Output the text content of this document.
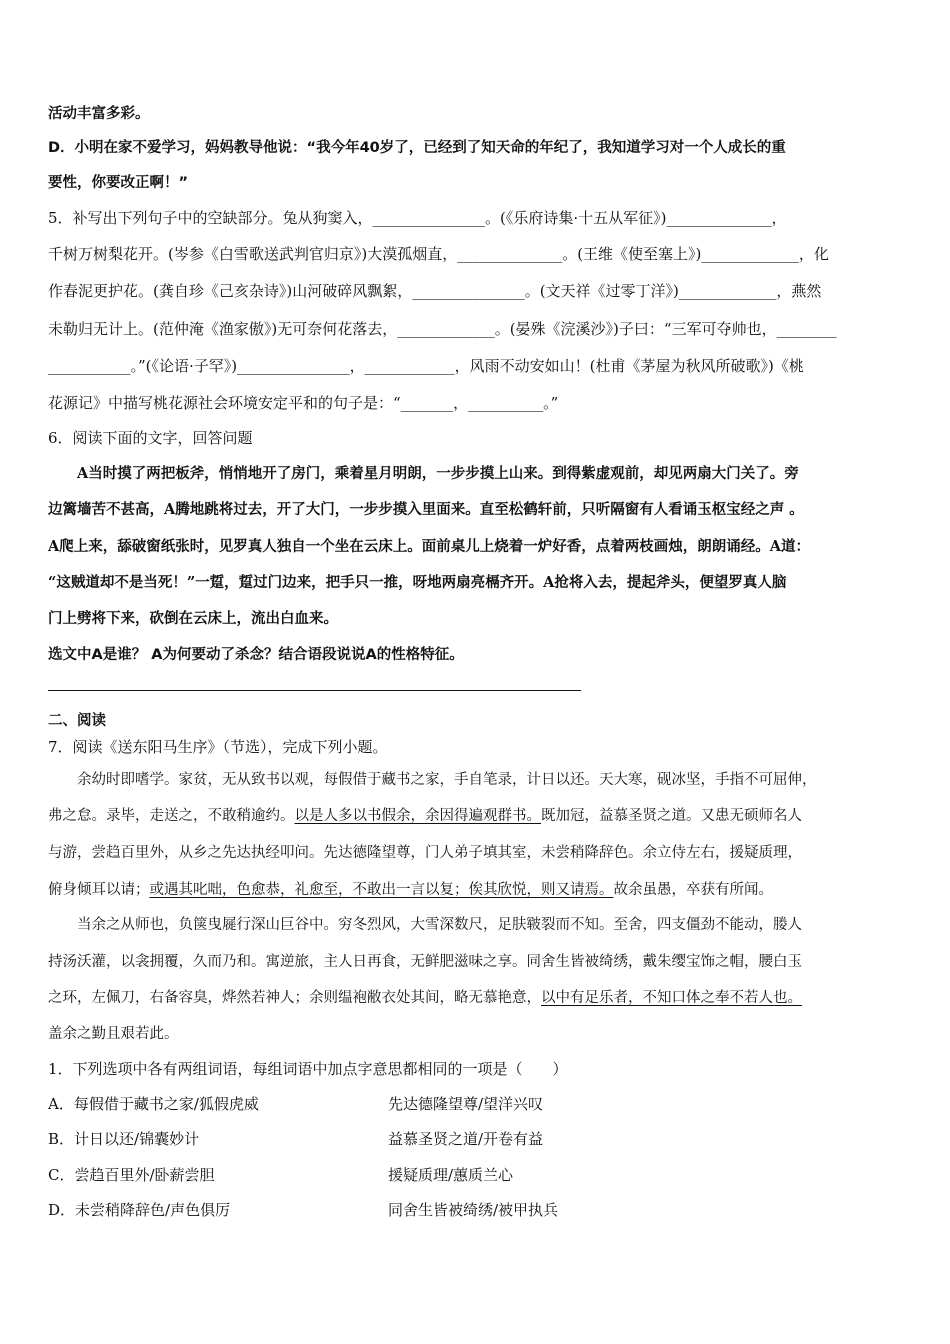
活动丰富多彩。
D．小明在家不爱学习，妈妈教导他说：“我今年40岁了，已经到了知天命的年纪了，我知道学习对一个人成长的重
要性，你要改正啊！”
5．补写出下列句子中的空缺部分。兔从狗窦入，_______________。(《乐府诗集·十五从军征》)______________，
千树万树梨花开。(岑参《白雪歌送武判官归京》)大漠孤烟直，______________。(王维《使至塞上》)_____________，化
作春泥更护花。(龚自珍《己亥杂诗》)山河破碎风飘絮，_______________。(文天祥《过零丁洋》)_____________，燕然
未勒归无计上。(范仲淹《渔家傲》)无可奈何花落去，_____________。(晏殊《浣溪沙》)子曰：“三军可夺帅也，________
___________。”(《论语·子罕》)_______________，____________，风雨不动安如山！(杜甫《茅屋为秋风所破歌》)《桃
花源记》中描写桃花源社会环境安定平和的句子是：“_______，__________。”
6．阅读下面的文字，回答问题
　　A当时摸了两把板斧，悄悄地开了房门，乘着星月明朗，一步步摸上山来。到得紫虚观前，却见两扇大门关了。旁
边篱墙苦不甚高，A腾地跳将过去，开了大门，一步步摸入里面来。直至松鹤轩前，只听隔窗有人看诵玉枢宝经之声 。
A爬上来，舔破窗纸张时，见罗真人独自一个坐在云床上。面前桌儿上烧着一炉好香，点着两枝画烛，朗朗诵经。A道：
“这贼道却不是当死！”一踅，踅过门边来，把手只一推，呀地两扇亮槅齐开。A抢将入去，提起斧头，便望罗真人脑
门上劈将下来，砍倒在云床上，流出白血来。
选文中A是谁？ A为何要动了杀念？结合语段说说A的性格特征。
二、阅读
7．阅读《送东阳马生序》（节选），完成下列小题。
　　余幼时即嗜学。家贫，无从致书以观，每假借于藏书之家，手自笔录，计日以还。天大寒，砚冰坚，手指不可屈伸，
弗之怠。录毕，走送之，不敢稍逾约。以是人多以书假余，余因得遍观群书。既加冠，益慕圣贤之道。又患无硕师名人
与游，尝趋百里外，从乡之先达执经叩问。先达德隆望尊，门人弟子填其室，未尝稍降辞色。余立侍左右，援疑质理，
俯身倾耳以请；或遇其叱咄，色愈恭，礼愈至，不敢出一言以复；俟其欣悦，则又请焉。故余虽愚，卒获有所闻。
　　当余之从师也，负箧曳屣行深山巨谷中。穷冬烈风，大雪深数尺，足肤皲裂而不知。至舍，四支僵劲不能动，媵人
持汤沃灌，以衾拥覆，久而乃和。寓逆旅，主人日再食，无鲜肥滋味之享。同舍生皆被绮绣，戴朱缨宝饰之帽，腰白玉
之环，左佩刀，右备容臭，烨然若神人；余则缊袍敝衣处其间，略无慕艳意，以中有足乐者，不知口体之奉不若人也。
盖余之勤且艰若此。
1．下列选项中各有两组词语，每组词语中加点字意思都相同的一项是（　　）
A．每假借于藏书之家/狐假虎威	先达德隆望尊/望洋兴叹
B．计日以还/锦囊妙计	益慕圣贤之道/开卷有益
C．尝趋百里外/卧薪尝胆	援疑质理/蕙质兰心
D．未尝稍降辞色/声色俱厉	同舍生皆被绮绣/被甲执兵
